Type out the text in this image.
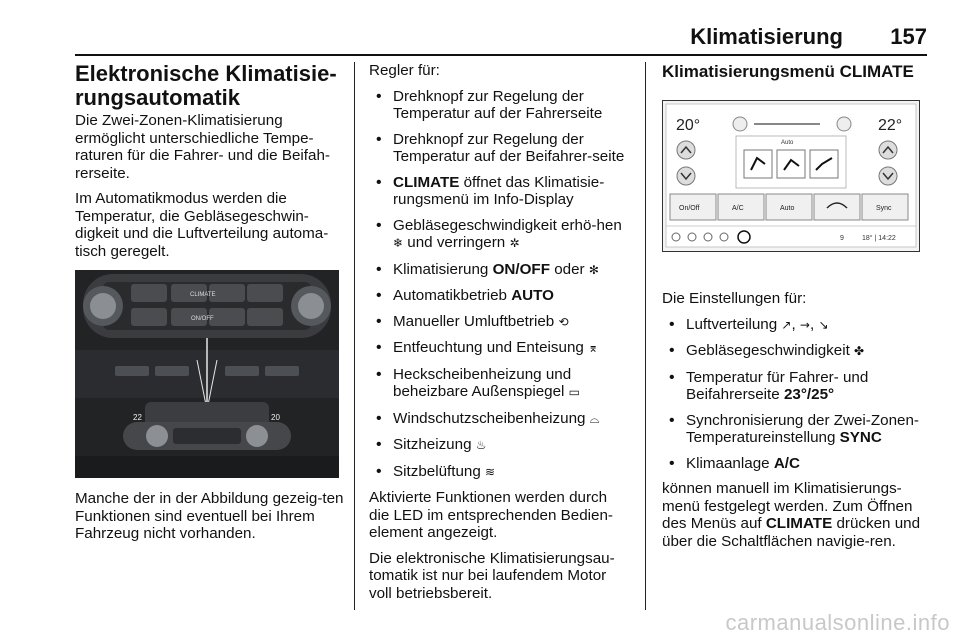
Klimatisierung 157
Elektronische Klimatisie-rungsautomatik

Die Zwei-Zonen-Klimatisierung ermöglicht unterschiedliche Tempe-raturen für die Fahrer- und die Beifah-rerseite.

Im Automatikmodus werden die Temperatur, die Gebläsegeschwin-digkeit und die Luftverteilung automa-tisch geregelt.

CLIMATE
ON/OFF
22	20

Manche der in der Abbildung gezeig-ten Funktionen sind eventuell bei Ihrem Fahrzeug nicht vorhanden.

Regler für:

• Drehknopf zur Regelung der Temperatur auf der Fahrerseite
• Drehknopf zur Regelung der Temperatur auf der Beifahrer-seite
• CLIMATE öffnet das Klimatisie-rungsmenü im Info-Display
• Gebläsegeschwindigkeit erhö-hen ❄ und verringern ✲
• Klimatisierung ON/OFF oder ✻
• Automatikbetrieb AUTO
• Manueller Umluftbetrieb ⟲
• Entfeuchtung und Enteisung ⌆
• Heckscheibenheizung und beheizbare Außenspiegel ▭
• Windschutzscheibenheizung ⌓
• Sitzheizung ♨
• Sitzbelüftung ≋

Aktivierte Funktionen werden durch die LED im entsprechenden Bedien-element angezeigt.

Die elektronische Klimatisierungsau-tomatik ist nur bei laufendem Motor voll betriebsbereit.

Klimatisierungsmenü CLIMATE
20°	22°
Auto
On/Off	A/C	Auto	Sync
9	18° | 14:22

Die Einstellungen für:

• Luftverteilung ↗, →, ↘
• Gebläsegeschwindigkeit ✤
• Temperatur für Fahrer- und Beifahrerseite 23°/25°
• Synchronisierung der Zwei-Zonen-Temperatureinstellung SYNC
• Klimaanlage A/C

können manuell im Klimatisierungs-menü festgelegt werden. Zum Öffnen des Menüs auf CLIMATE drücken und über die Schaltflächen navigie-ren.

carmanualsonline.info
